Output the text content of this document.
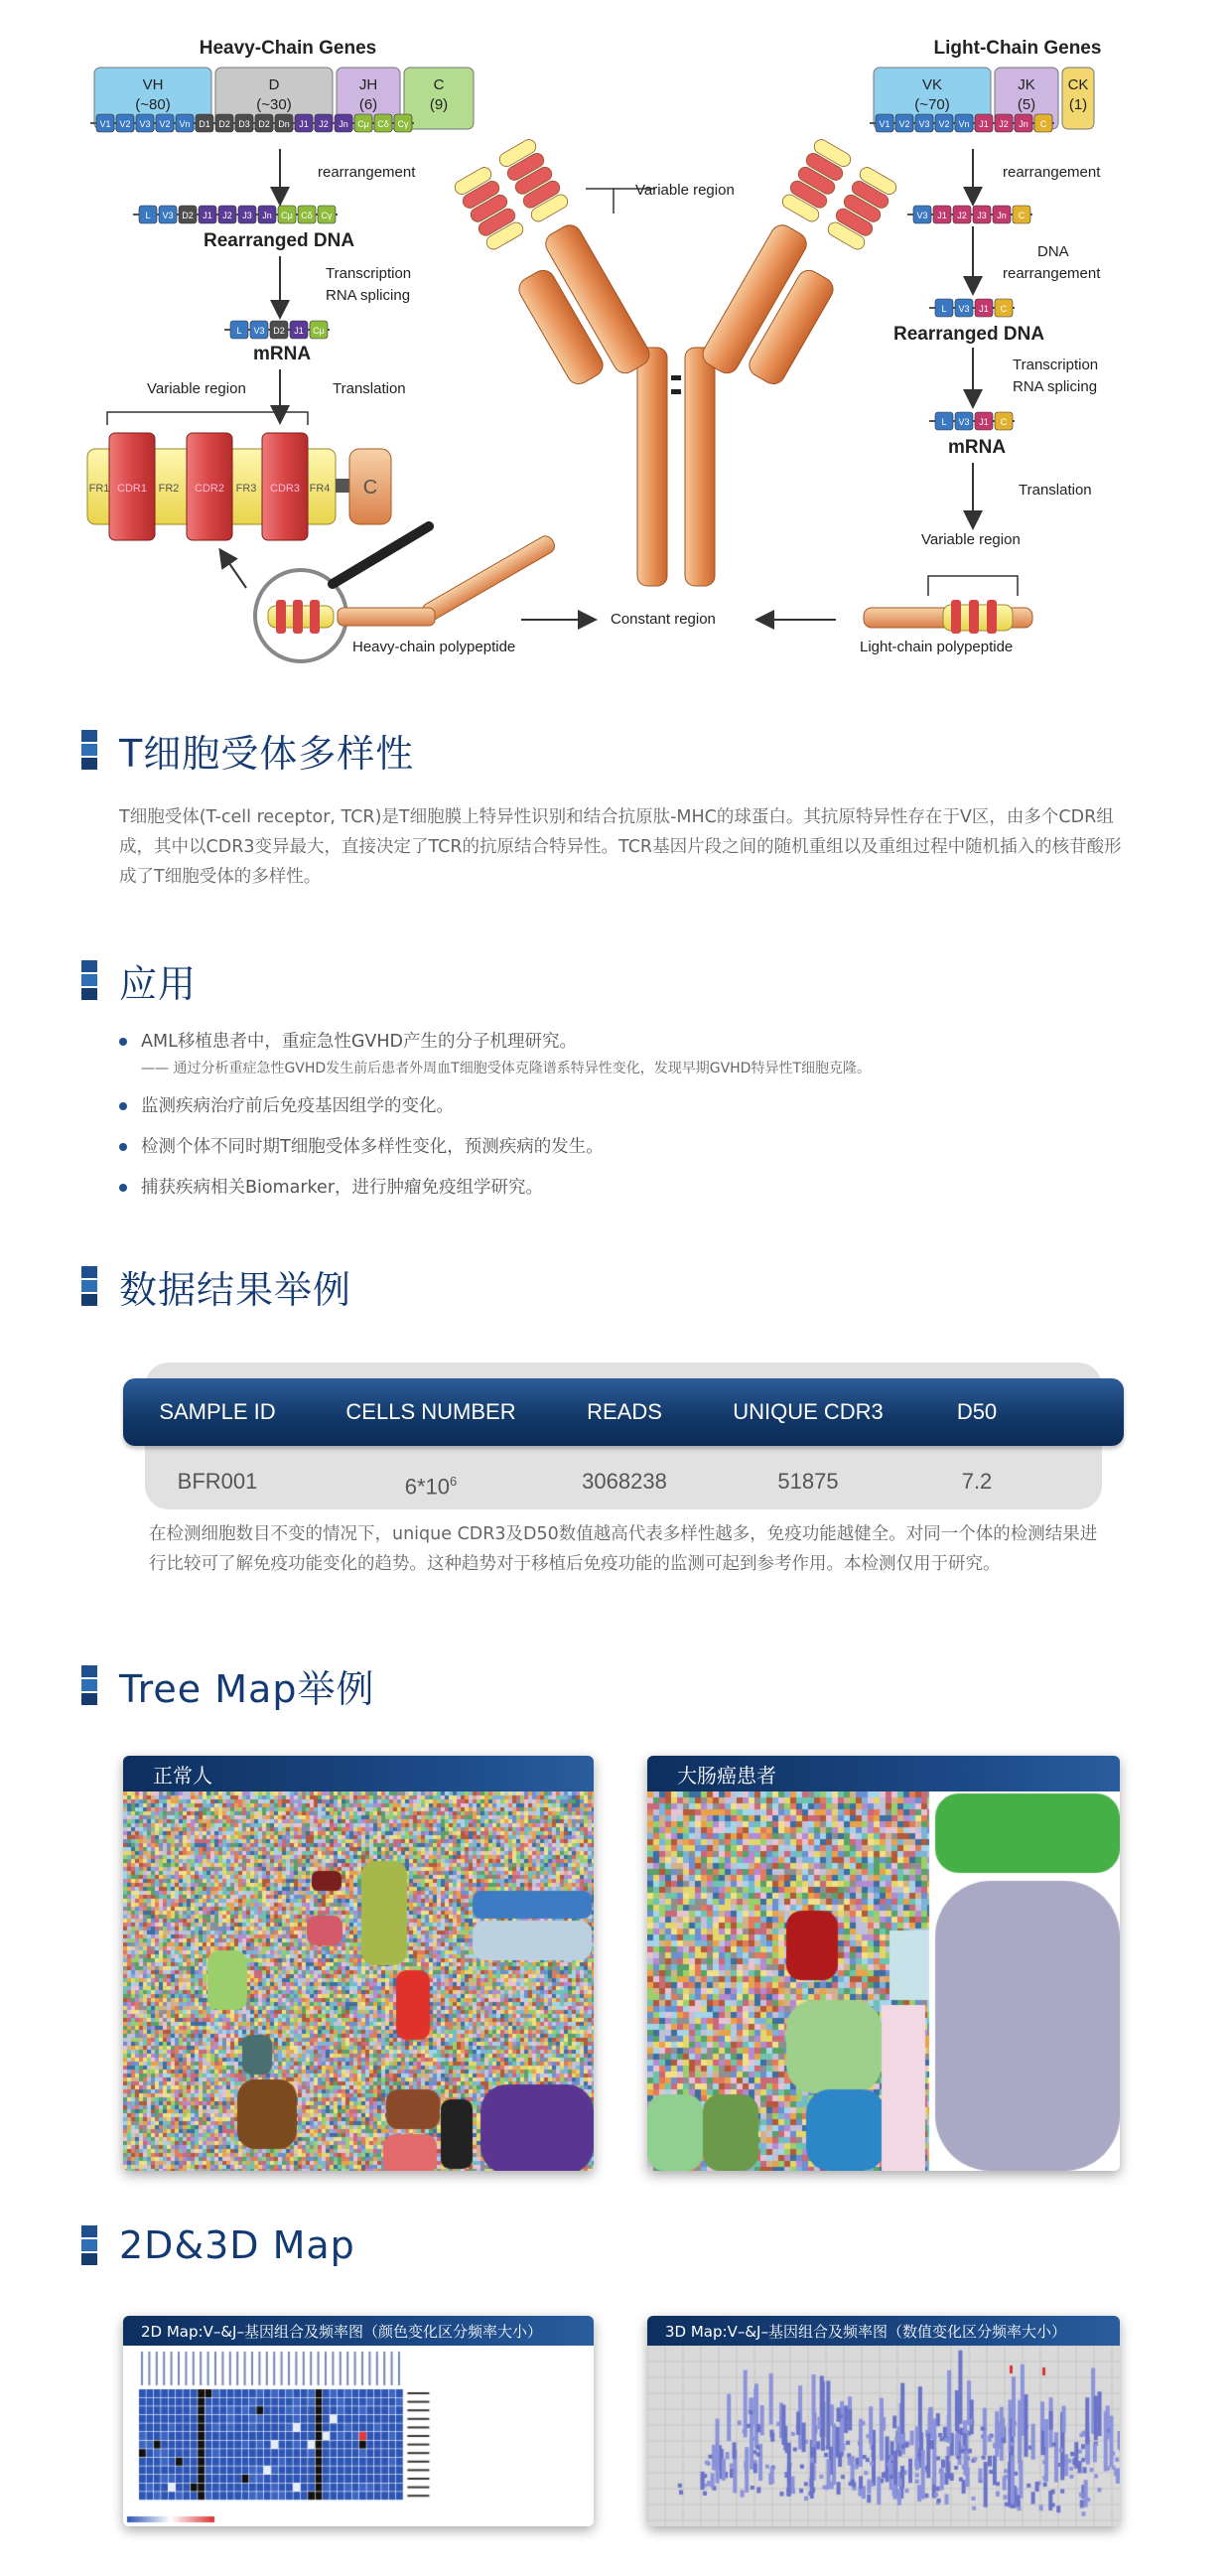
Heavy-Chain Genes	Light-Chain Genes
VH
(~80)
D
(~30)
JH
(6)
C
(9)
VK
(~70)
JK
(5)
CK
(1)
V1 V2 V3 V2 Vn D1 D2 D3 D2 Dn J1 J2 Jn Cμ Cδ Cγ	V1 V2 V3 V2 Vn J1 J2 Jn C
L V3 D2 J1 J2 J3 Jn Cμ Cδ Cγ
L V3 D2 J1 Cμ
V3 J1 J2 J3 Jn C
L V3 J1 C
L V3 J1 C
rearrangement
Rearranged DNA
Transcription
RNA splicing
mRNA
Variable region	Translation
FR1 CDR1 FR2 CDR2 FR3 CDR3 FR4 C
Heavy-chain polypeptide
Variable region
Constant region
rearrangement
DNA
rearrangement
Rearranged DNA
Transcription
RNA splicing
mRNA
Translation
Variable region
Light-chain polypeptide
T细胞受体多样性
T细胞受体(T-cell receptor, TCR)是T细胞膜上特异性识别和结合抗原肽-MHC的球蛋白。其抗原特异性存在于V区，由多个CDR组成，其中以CDR3变异最大，直接决定了TCR的抗原结合特异性。TCR基因片段之间的随机重组以及重组过程中随机插入的核苷酸形成了T细胞受体的多样性。
应用
AML移植患者中，重症急性GVHD产生的分子机理研究。
—— 通过分析重症急性GVHD发生前后患者外周血T细胞受体克隆谱系特异性变化，发现早期GVHD特异性T细胞克隆。
监测疾病治疗前后免疫基因组学的变化。
检测个体不同时期T细胞受体多样性变化，预测疾病的发生。
捕获疾病相关Biomarker，进行肿瘤免疫组学研究。
数据结果举例
SAMPLE ID	CELLS NUMBER	READS	UNIQUE CDR3	D50
BFR001	$6*10^6$	3068238	51875	7.2
在检测细胞数目不变的情况下，unique CDR3及D50数值越高代表多样性越多，免疫功能越健全。对同一个体的检测结果进行比较可了解免疫功能变化的趋势。这种趋势对于移植后免疫功能的监测可起到参考作用。本检测仅用于研究。
Tree Map举例
正常人	大肠癌患者
2D&3D Map
2D Map:V–&J–基因组合及频率图（颜色变化区分频率大小）	3D Map:V–&J–基因组合及频率图（数值变化区分频率大小）
